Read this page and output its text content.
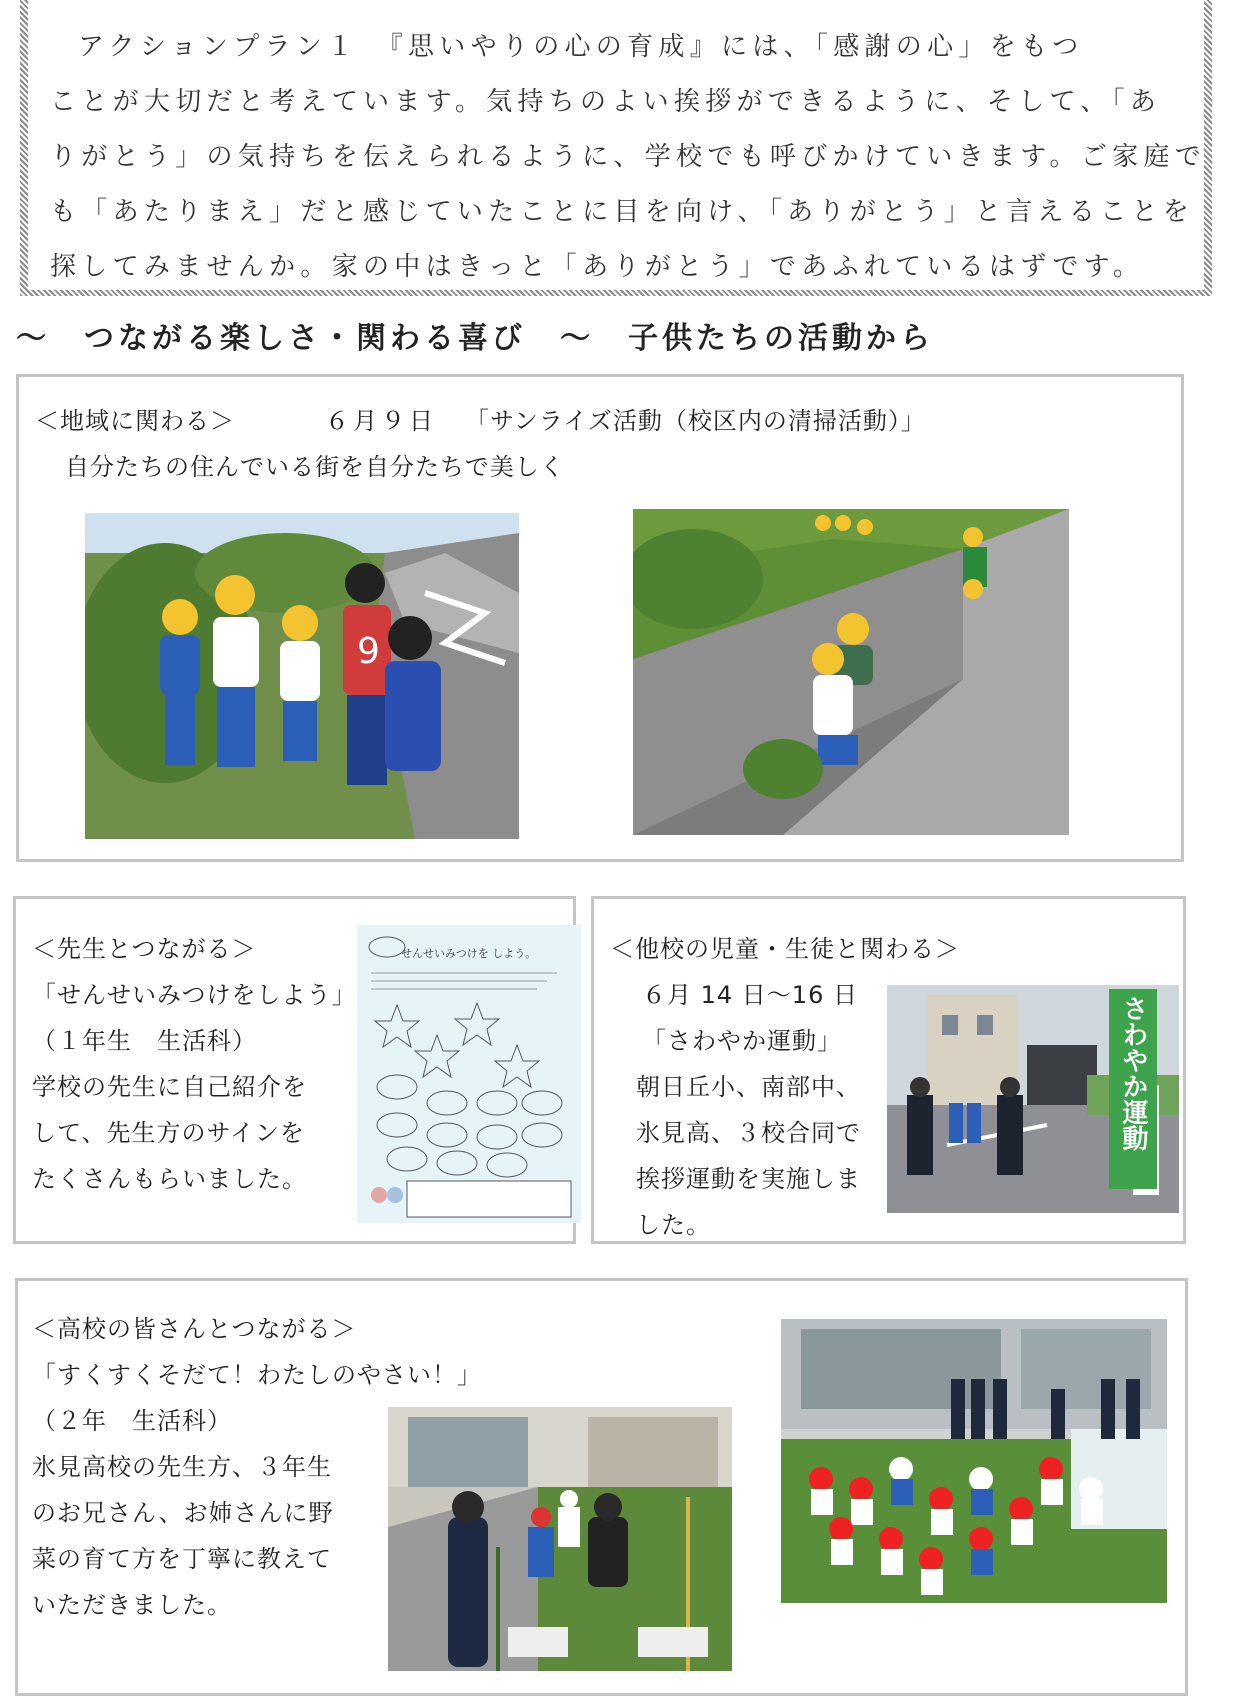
アクションプラン１　『思いやりの心の育成』には、「感謝の心」をもつ
ことが大切だと考えています。気持ちのよい挨拶ができるように、そして、「あ
りがとう」の気持ちを伝えられるように、学校でも呼びかけていきます。ご家庭で
も「あたりまえ」だと感じていたことに目を向け、「ありがとう」と言えることを
探してみませんか。家の中はきっと「ありがとう」であふれているはずです。
～　つながる楽しさ・関わる喜び　～　子供たちの活動から
＜地域に関わる＞	６月９日 「サンライズ活動（校区内の清掃活動）」
自分たちの住んでいる街を自分たちで美しく
9
＜先生とつながる＞
「せんせいみつけをしよう」
（１年生　生活科）
学校の先生に自己紹介を
して、先生方のサインを
たくさんもらいました。
せんせいみつけを しよう。	＜他校の児童・生徒と関わる＞
６月 14 日～16 日
「さわやか運動」
朝日丘小、南部中、
氷見高、３校合同で
挨拶運動を実施しま
した。
さわやか運動
＜高校の皆さんとつながる＞
「すくすくそだて！わたしのやさい！」
（２年　生活科）
氷見高校の先生方、３年生
のお兄さん、お姉さんに野
菜の育て方を丁寧に教えて
いただきました。
